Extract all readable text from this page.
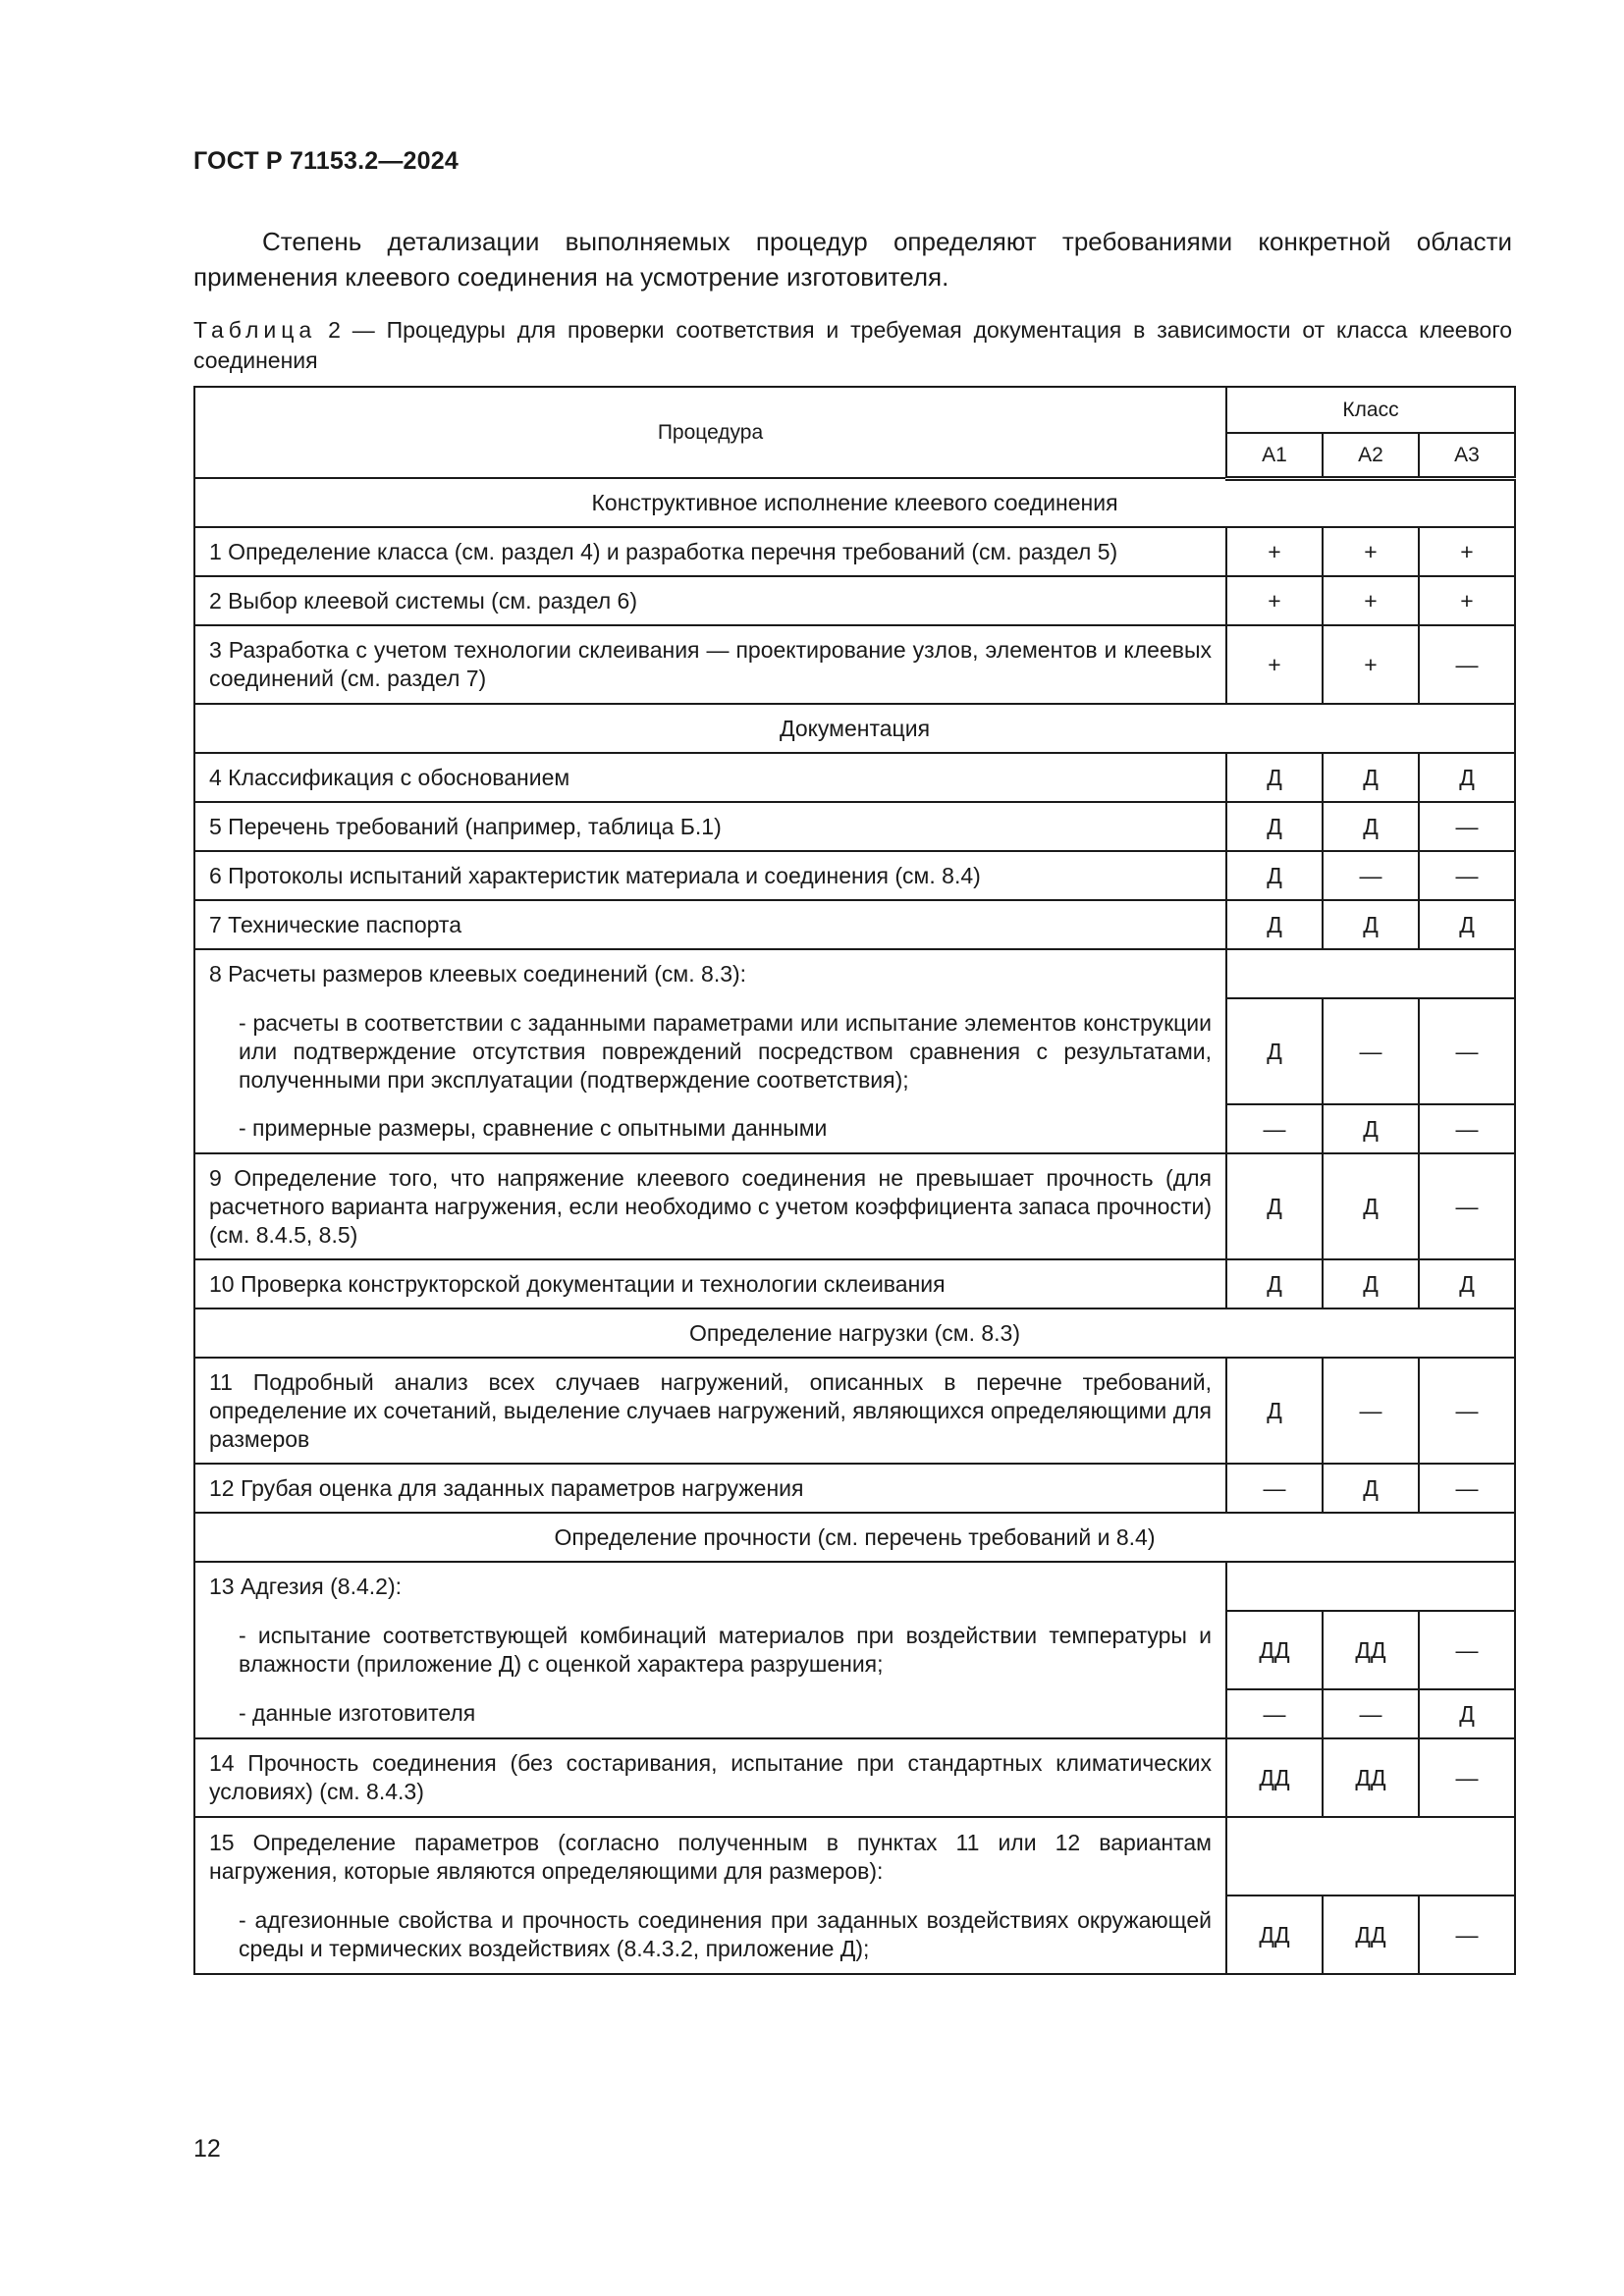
ГОСТ Р 71153.2—2024

Степень детализации выполняемых процедур определяют требованиями конкретной области применения клеевого соединения на усмотрение изготовителя.

Таблица 2 — Процедуры для проверки соответствия и требуемая документация в зависимости от класса клеевого соединения

Процедура	Класс		
	А1	А2	А3
Конструктивное исполнение клеевого соединения			
1 Определение класса (см. раздел 4) и разработка перечня требований (см. раздел 5)	+	+	+
2 Выбор клеевой системы (см. раздел 6)	+	+	+
3 Разработка с учетом технологии склеивания — проектирование узлов, элементов и клеевых соединений (см. раздел 7)	+	+	—
Документация			
4 Классификация с обоснованием	Д	Д	Д
5 Перечень требований (например, таблица Б.1)	Д	Д	—
6 Протоколы испытаний характеристик материала и соединения (см. 8.4)	Д	—	—
7 Технические паспорта	Д	Д	Д
8 Расчеты размеров клеевых соединений (см. 8.3):			
- расчеты в соответствии с заданными параметрами или испытание элементов конструкции или подтверждение отсутствия повреждений посредством сравнения с результатами, полученными при эксплуатации (подтверждение соответствия);	Д	—	—
- примерные размеры, сравнение с опытными данными	—	Д	—
9 Определение того, что напряжение клеевого соединения не превышает прочность (для расчетного варианта нагружения, если необходимо с учетом коэффициента запаса прочности) (см. 8.4.5, 8.5)	Д	Д	—
10 Проверка конструкторской документации и технологии склеивания	Д	Д	Д
Определение нагрузки (см. 8.3)			
11 Подробный анализ всех случаев нагружений, описанных в перечне требований, определение их сочетаний, выделение случаев нагружений, являющихся определяющими для размеров	Д	—	—
12 Грубая оценка для заданных параметров нагружения	—	Д	—
Определение прочности (см. перечень требований и 8.4)			
13 Адгезия (8.4.2):			
- испытание соответствующей комбинаций материалов при воздействии температуры и влажности (приложение Д) с оценкой характера разрушения;	ДД	ДД	—
- данные изготовителя	—	—	Д
14 Прочность соединения (без состаривания, испытание при стандартных климатических условиях) (см. 8.4.3)	ДД	ДД	—
15 Определение параметров (согласно полученным в пунктах 11 или 12 вариантам нагружения, которые являются определяющими для размеров):			
- адгезионные свойства и прочность соединения при заданных воздействиях окружающей среды и термических воздействиях (8.4.3.2, приложение Д);	ДД	ДД	—
12
